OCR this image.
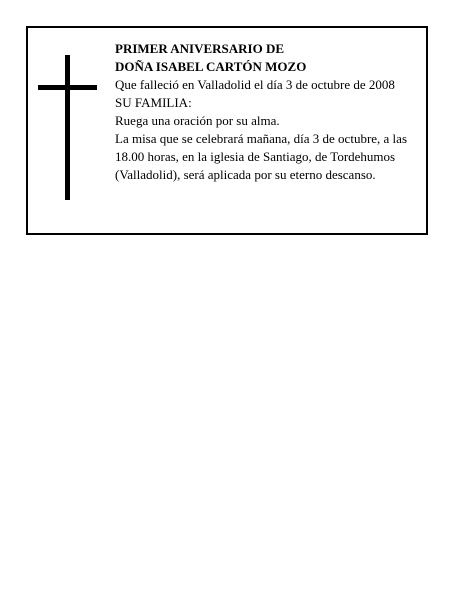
PRIMER ANIVERSARIO DE
DOÑA ISABEL CARTÓN MOZO
Que falleció en Valladolid el día 3 de octubre de 2008
SU FAMILIA:
Ruega una oración por su alma.
La misa que se celebrará mañana, día 3 de octubre, a las
18.00 horas, en la iglesia de Santiago, de Tordehumos
(Valladolid), será aplicada por su eterno descanso.
